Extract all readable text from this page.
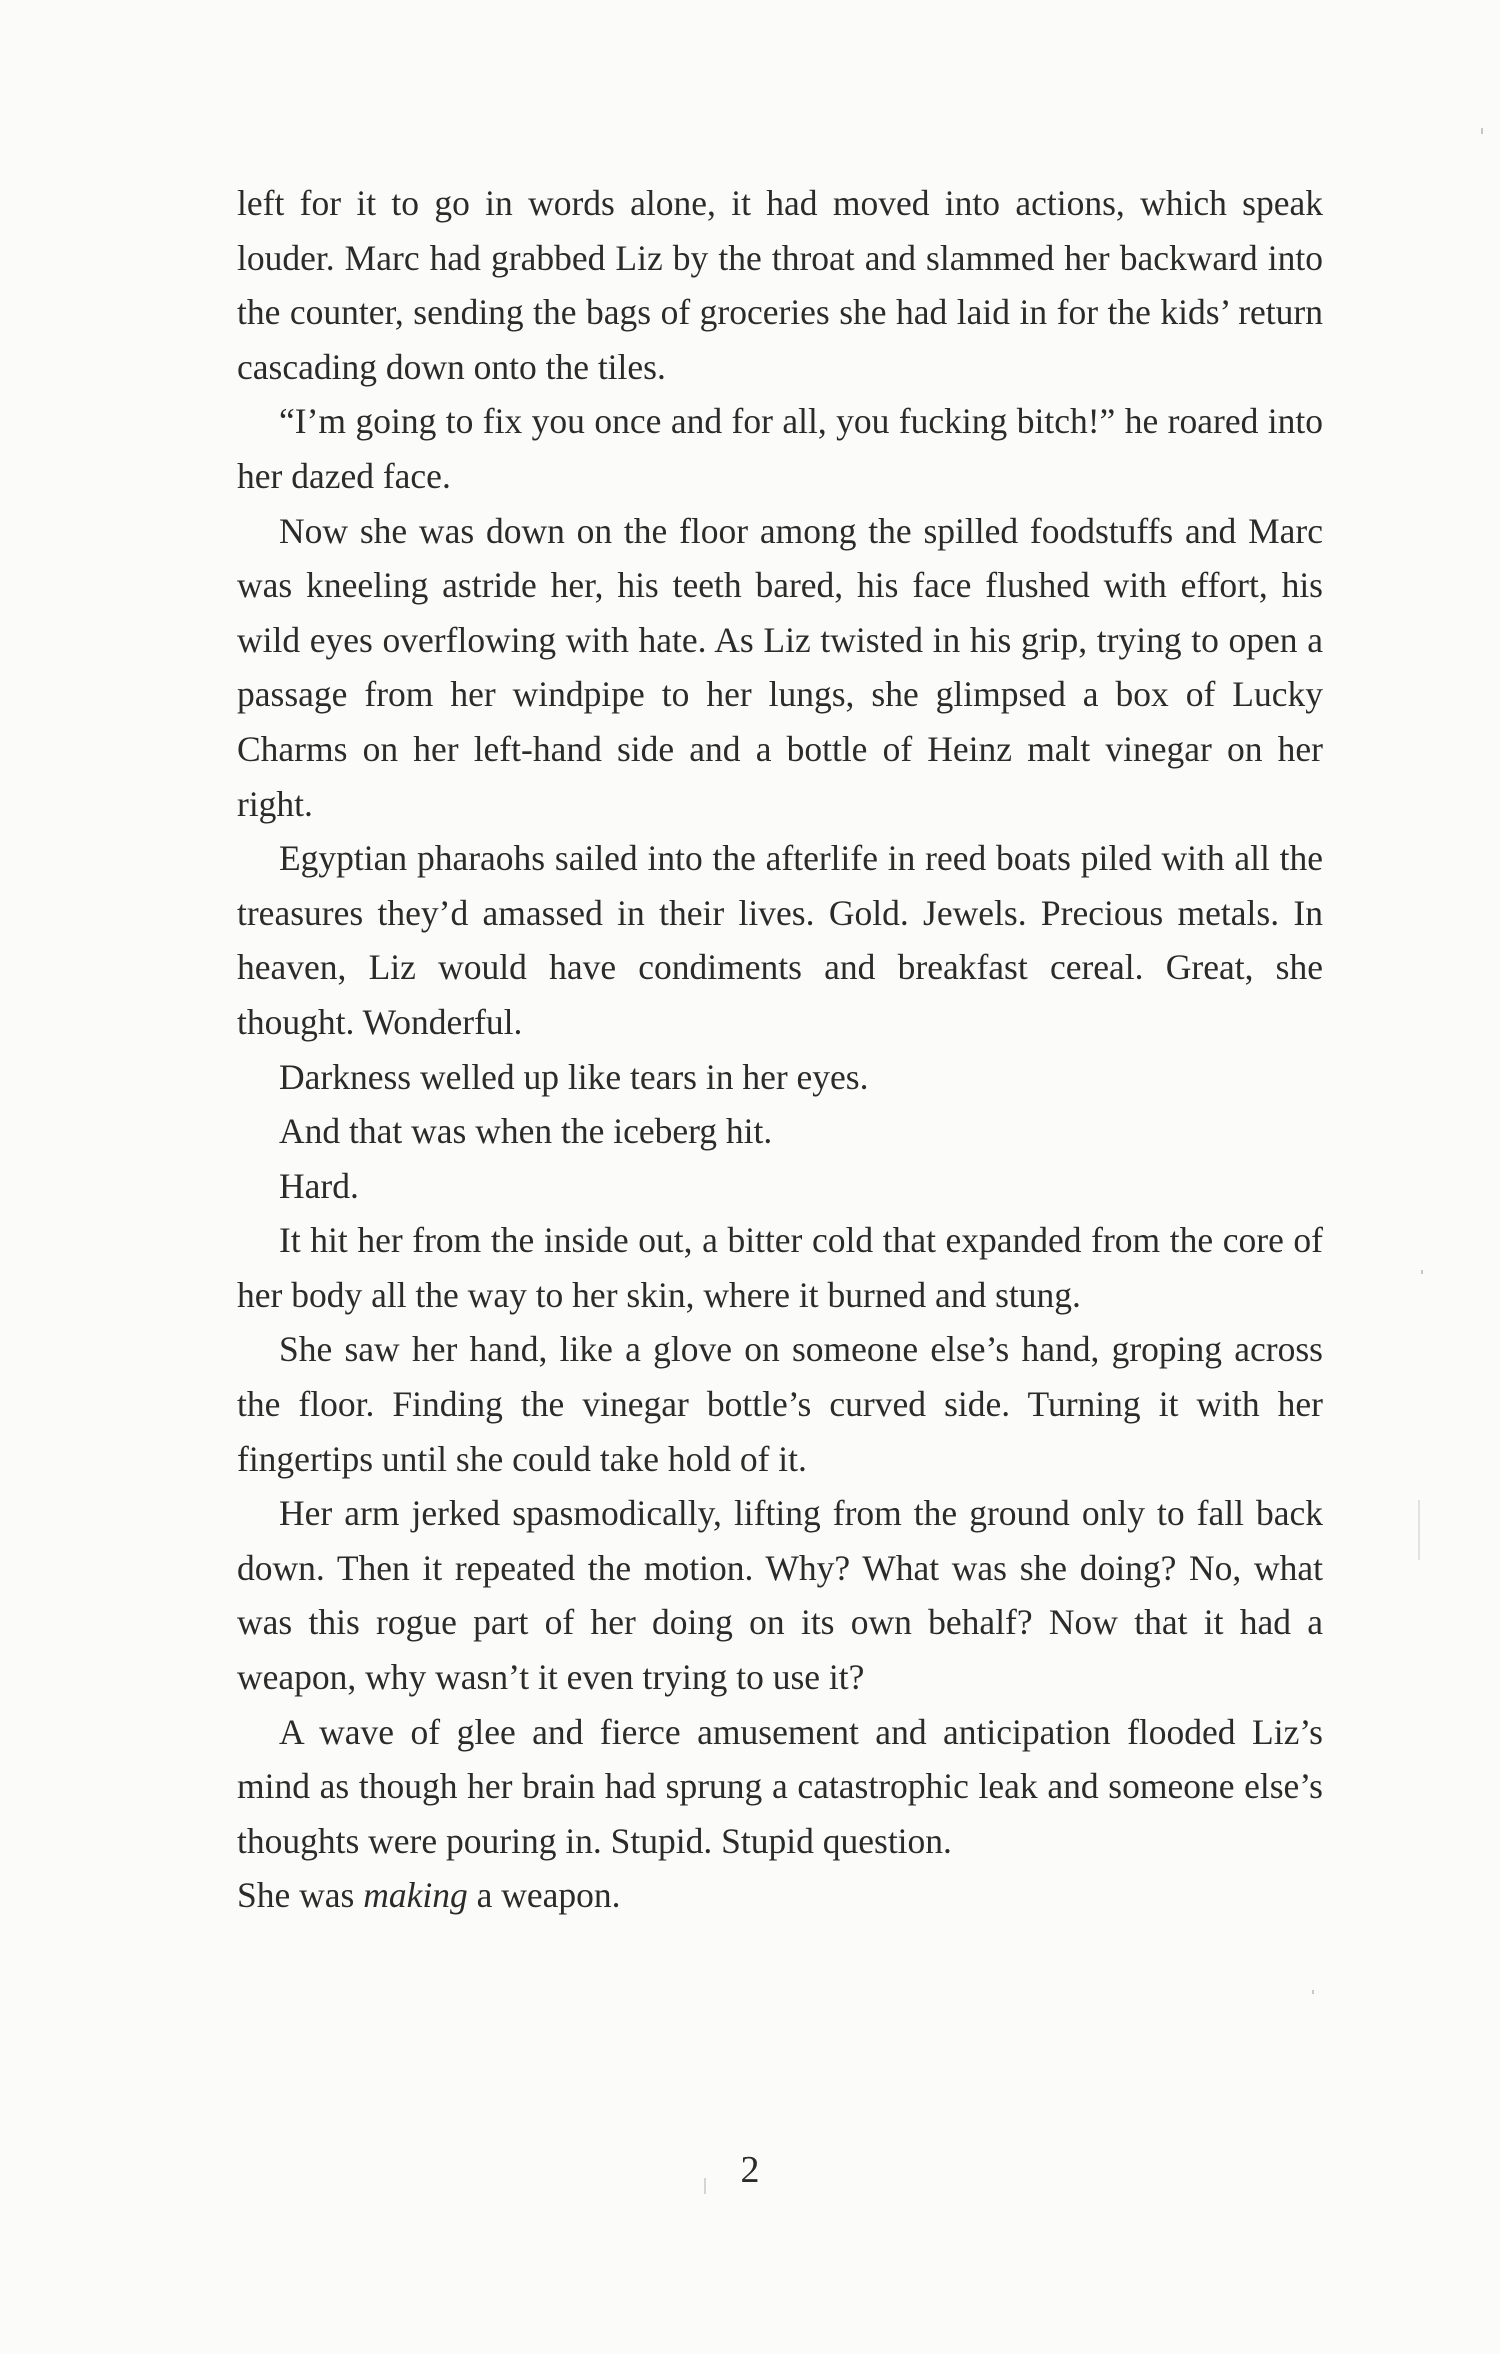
left for it to go in words alone, it had moved into actions, which speak louder. Marc had grabbed Liz by the throat and slammed her backward into the counter, sending the bags of groceries she had laid in for the kids’ return cascading down onto the tiles.

“I’m going to fix you once and for all, you fucking bitch!” he roared into her dazed face.

Now she was down on the floor among the spilled foodstuffs and Marc was kneeling astride her, his teeth bared, his face flushed with effort, his wild eyes overflowing with hate. As Liz twisted in his grip, trying to open a passage from her windpipe to her lungs, she glimpsed a box of Lucky Charms on her left-hand side and a bottle of Heinz malt vinegar on her right.

Egyptian pharaohs sailed into the afterlife in reed boats piled with all the treasures they’d amassed in their lives. Gold. Jewels. Precious metals. In heaven, Liz would have condiments and breakfast cereal. Great, she thought. Wonderful.

Darkness welled up like tears in her eyes.

And that was when the iceberg hit.

Hard.

It hit her from the inside out, a bitter cold that expanded from the core of her body all the way to her skin, where it burned and stung.

She saw her hand, like a glove on someone else’s hand, groping across the floor. Finding the vinegar bottle’s curved side. Turning it with her fingertips until she could take hold of it.

Her arm jerked spasmodically, lifting from the ground only to fall back down. Then it repeated the motion. Why? What was she doing? No, what was this rogue part of her doing on its own behalf? Now that it had a weapon, why wasn’t it even trying to use it?

A wave of glee and fierce amusement and anticipation flooded Liz’s mind as though her brain had sprung a catastrophic leak and someone else’s thoughts were pouring in. Stupid. Stupid question.

She was making a weapon.

2
